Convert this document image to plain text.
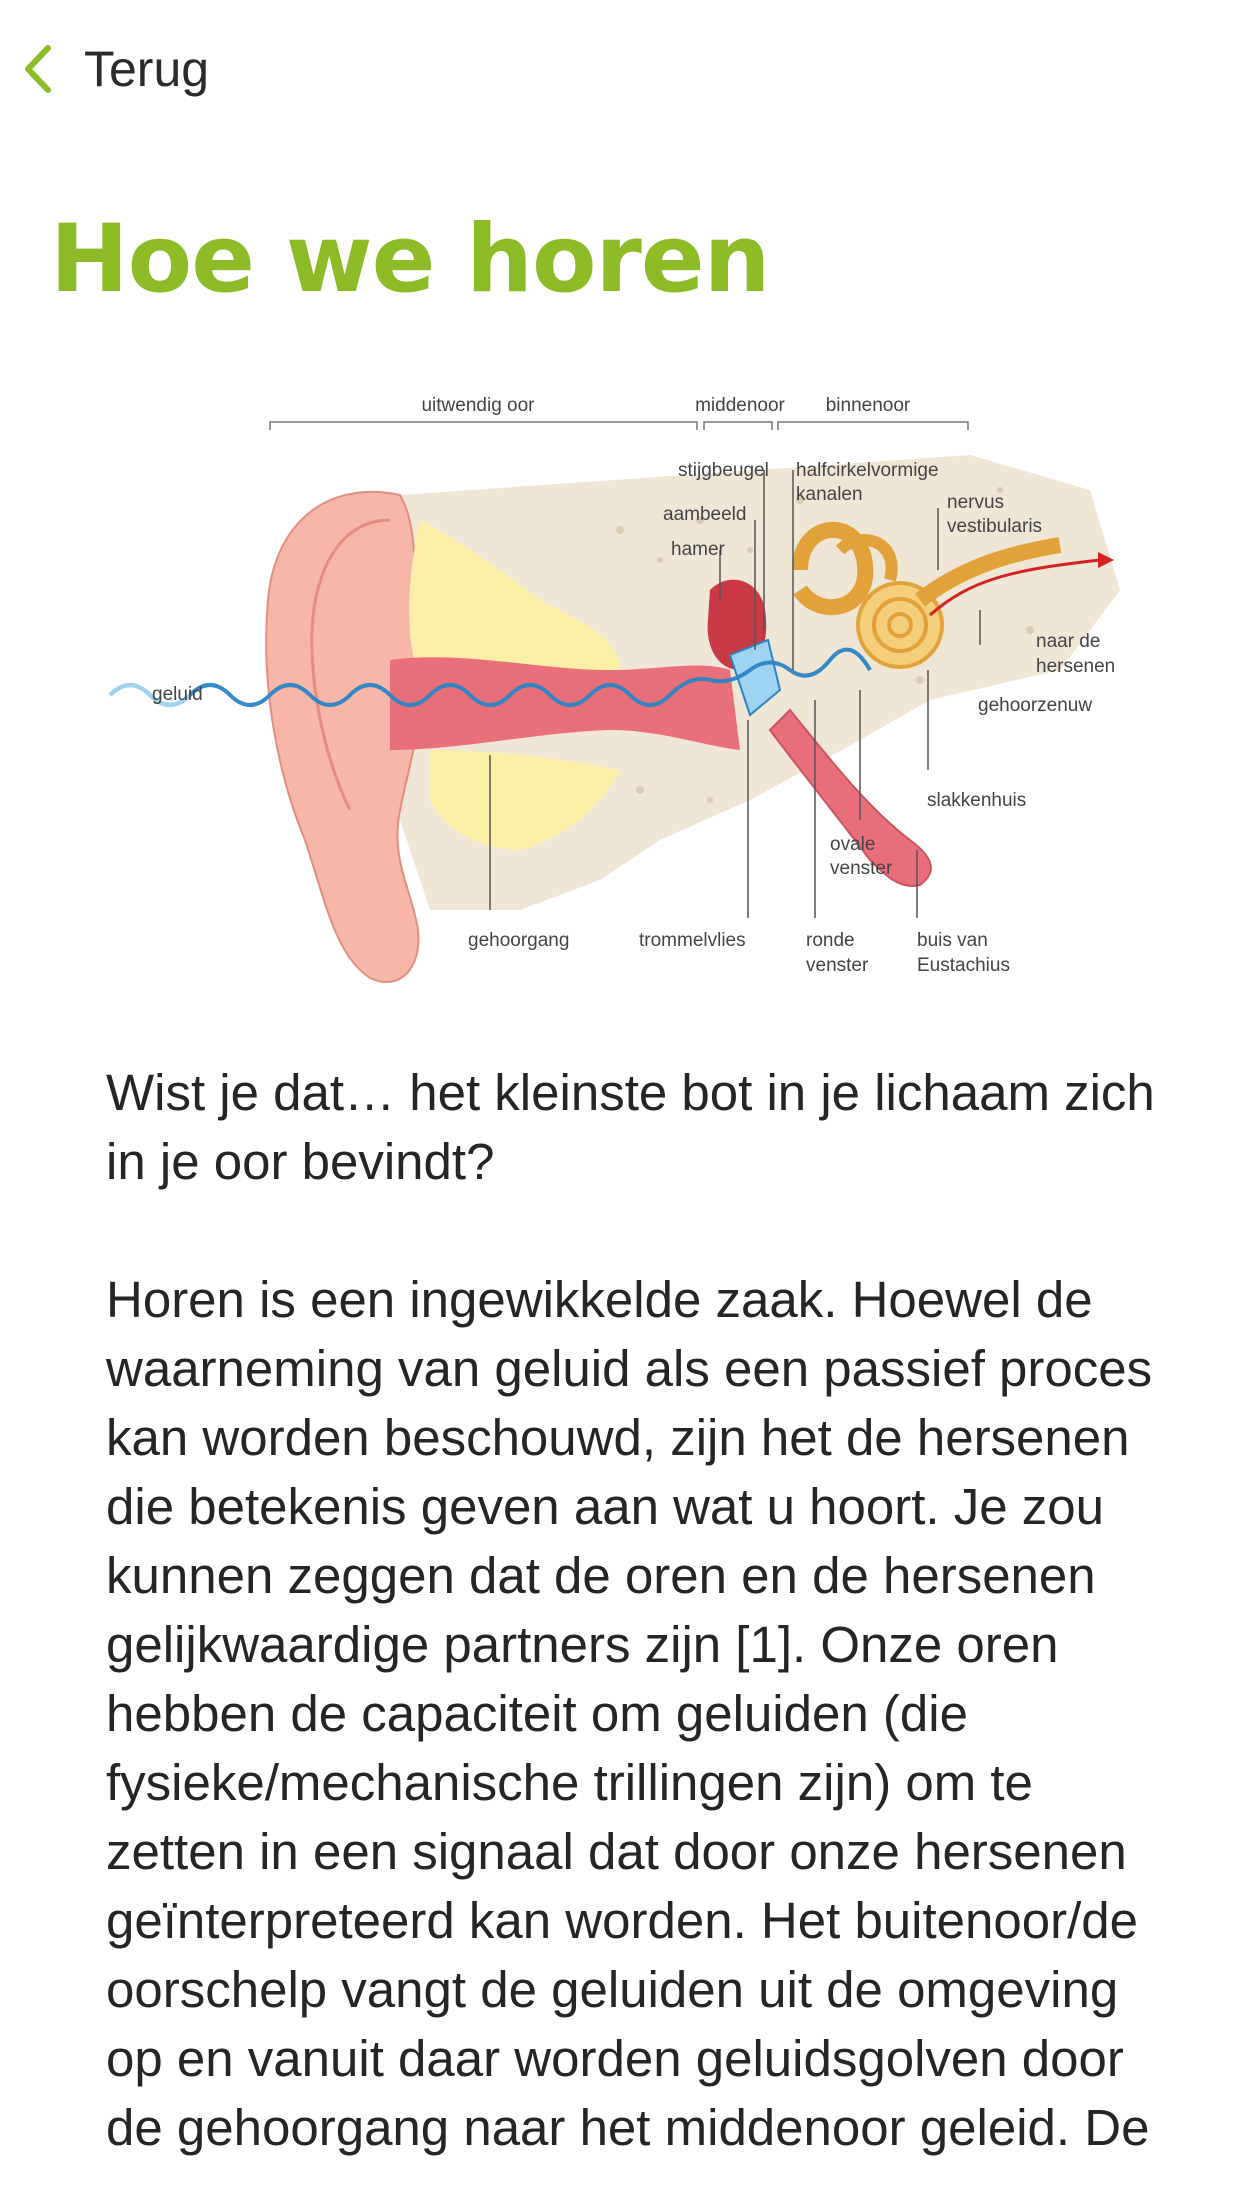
Terug
Hoe we horen
uitwendig oor	middenoor binnenoor
stijgbeugel halfcirkelvormige
kanalen
aambeeld
hamer
nervus
vestibularis
naar de
hersenen
geluid
gehoorzenuw
slakkenhuis
ovale
venster
gehoorgang	trommelvlies	ronde
venster
buis van
Eustachius

Wist je dat… het kleinste bot in je lichaam zich in je oor bevindt?

Horen is een ingewikkelde zaak. Hoewel de waarneming van geluid als een passief proces kan worden beschouwd, zijn het de hersenen die betekenis geven aan wat u hoort. Je zou kunnen zeggen dat de oren en de hersenen gelijkwaardige partners zijn [1]. Onze oren hebben de capaciteit om geluiden (die fysieke/mechanische trillingen zijn) om te zetten in een signaal dat door onze hersenen geïnterpreteerd kan worden. Het buitenoor/de oorschelp vangt de geluiden uit de omgeving op en vanuit daar worden geluidsgolven door de gehoorgang naar het middenoor geleid. De
